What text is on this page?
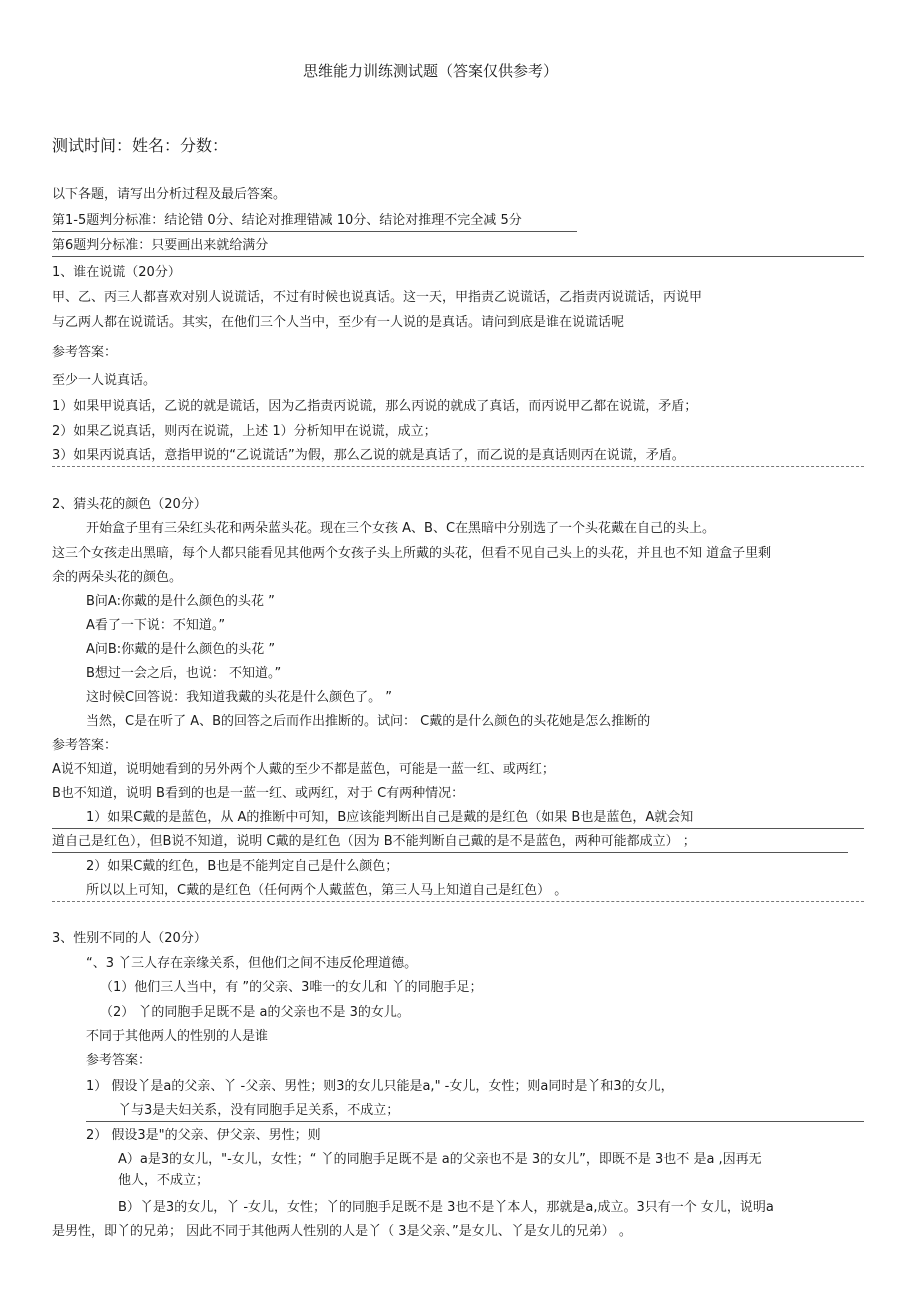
思维能力训练测试题（答案仅供参考）
测试时间：姓名：分数：
以下各题，请写出分析过程及最后答案。
第1-5题判分标准：结论错 0分、结论对推理错减 10分、结论对推理不完全减 5分
第6题判分标准：只要画出来就给满分
1、谁在说谎（20分）
甲、乙、丙三人都喜欢对别人说谎话，不过有时候也说真话。这一天，甲指责乙说谎话，乙指责丙说谎话，丙说甲
与乙两人都在说谎话。其实，在他们三个人当中，至少有一人说的是真话。请问到底是谁在说谎话呢
参考答案：
至少一人说真话。
1）如果甲说真话，乙说的就是谎话，因为乙指责丙说谎，那么丙说的就成了真话，而丙说甲乙都在说谎，矛盾；
2）如果乙说真话，则丙在说谎，上述 1）分析知甲在说谎，成立；
3）如果丙说真话，意指甲说的“乙说谎话”为假，那么乙说的就是真话了，而乙说的是真话则丙在说谎，矛盾。
2、猜头花的颜色（20分）
开始盒子里有三朵红头花和两朵蓝头花。现在三个女孩 A、B、C在黑暗中分别选了一个头花戴在自己的头上。
这三个女孩走出黑暗，每个人都只能看见其他两个女孩子头上所戴的头花，但看不见自己头上的头花，并且也不知 道盒子里剩
余的两朵头花的颜色。
B问A:你戴的是什么颜色的头花 ”
A看了一下说：不知道。”
A问B:你戴的是什么颜色的头花 ”
B想过一会之后，也说： 不知道。”
这时候C回答说：我知道我戴的头花是什么颜色了。 ”
当然，C是在听了 A、B的回答之后而作出推断的。试问： C戴的是什么颜色的头花她是怎么推断的
参考答案：
A说不知道，说明她看到的另外两个人戴的至少不都是蓝色，可能是一蓝一红、或两红；
B也不知道，说明 B看到的也是一蓝一红、或两红，对于 C有两种情况：
1）如果C戴的是蓝色，从 A的推断中可知，B应该能判断出自己是戴的是红色（如果 B也是蓝色，A就会知
道自己是红色），但B说不知道，说明 C戴的是红色（因为 B不能判断自己戴的是不是蓝色，两种可能都成立） ；
2）如果C戴的红色，B也是不能判定自己是什么颜色；
所以以上可知，C戴的是红色（任何两个人戴蓝色，第三人马上知道自己是红色） 。
3、性别不同的人（20分）
“、3 丫三人存在亲缘关系，但他们之间不违反伦理道德。
（1）他们三人当中，有 ”的父亲、3唯一的女儿和 丫的同胞手足；
（2） 丫的同胞手足既不是 a的父亲也不是 3的女儿。
不同于其他两人的性别的人是谁
参考答案：
1） 假设丫是a的父亲、丫 -父亲、男性；则3的女儿只能是a," -女儿，女性；则a同时是丫和3的女儿，
丫与3是夫妇关系，没有同胞手足关系，不成立；
2） 假设3是"的父亲、伊父亲、男性；则
A）a是3的女儿，"-女儿，女性；“ 丫的同胞手足既不是 a的父亲也不是 3的女儿”，即既不是 3也不 是a ,因再无
他人，不成立；
B）丫是3的女儿，丫 -女儿，女性；丫的同胞手足既不是 3也不是丫本人，那就是a,成立。3只有一个 女儿，说明a
是男性，即丫的兄弟； 因此不同于其他两人性别的人是丫（ 3是父亲、”是女儿、丫是女儿的兄弟） 。
